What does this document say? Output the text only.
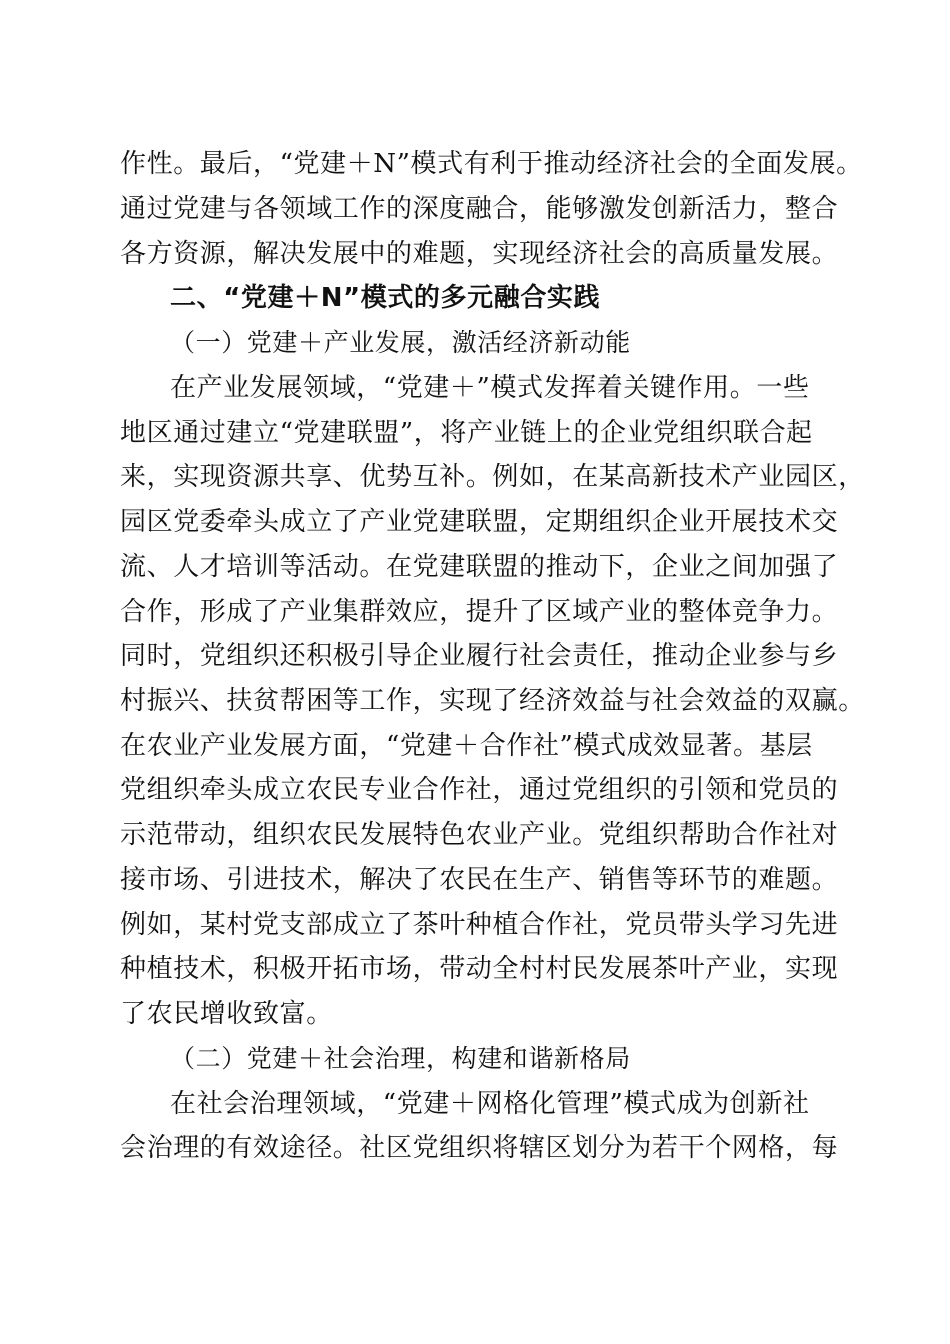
作性。最后，“党建＋N”模式有利于推动经济社会的全面发展。
通过党建与各领域工作的深度融合，能够激发创新活力，整合
各方资源，解决发展中的难题，实现经济社会的高质量发展。
二、“党建＋N”模式的多元融合实践
（一）党建＋产业发展，激活经济新动能
在产业发展领域，“党建＋”模式发挥着关键作用。一些
地区通过建立“党建联盟”，将产业链上的企业党组织联合起
来，实现资源共享、优势互补。例如，在某高新技术产业园区，
园区党委牵头成立了产业党建联盟，定期组织企业开展技术交
流、人才培训等活动。在党建联盟的推动下，企业之间加强了
合作，形成了产业集群效应，提升了区域产业的整体竞争力。
同时，党组织还积极引导企业履行社会责任，推动企业参与乡
村振兴、扶贫帮困等工作，实现了经济效益与社会效益的双赢。
在农业产业发展方面，“党建＋合作社”模式成效显著。基层
党组织牵头成立农民专业合作社，通过党组织的引领和党员的
示范带动，组织农民发展特色农业产业。党组织帮助合作社对
接市场、引进技术，解决了农民在生产、销售等环节的难题。
例如，某村党支部成立了茶叶种植合作社，党员带头学习先进
种植技术，积极开拓市场，带动全村村民发展茶叶产业，实现
了农民增收致富。
（二）党建＋社会治理，构建和谐新格局
在社会治理领域，“党建＋网格化管理”模式成为创新社
会治理的有效途径。社区党组织将辖区划分为若干个网格，每
